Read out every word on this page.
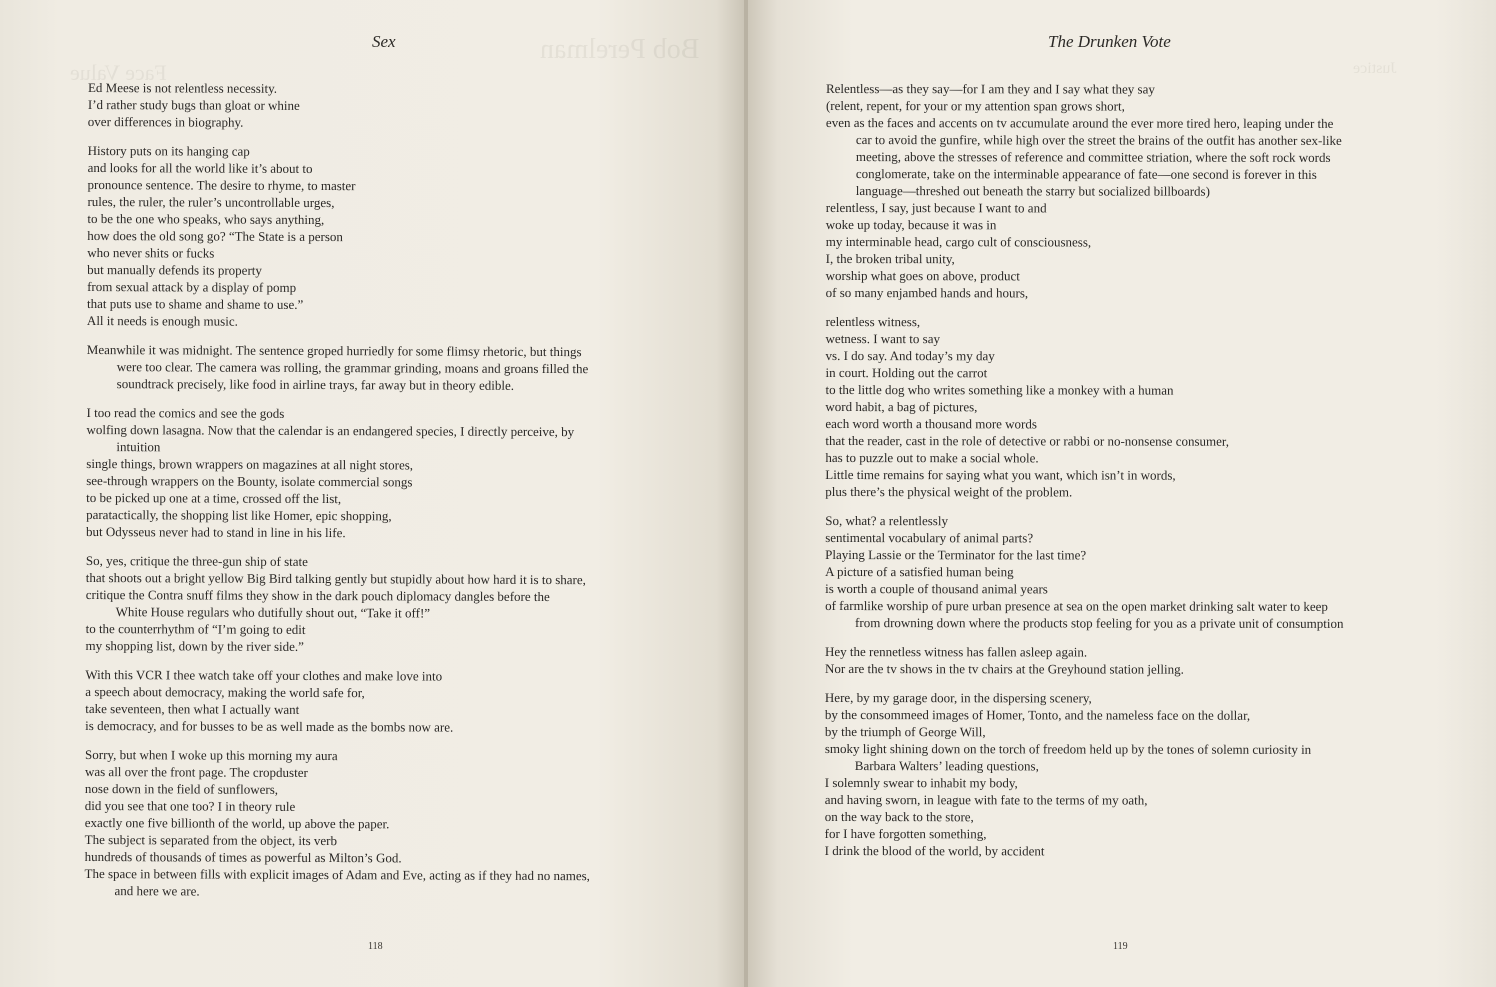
Bob Perelman
Face Value
Sex
Ed Meese is not relentless necessity.
I’d rather study bugs than gloat or whine
over differences in biography.
History puts on its hanging cap
and looks for all the world like it’s about to
pronounce sentence. The desire to rhyme, to master
rules, the ruler, the ruler’s uncontrollable urges,
to be the one who speaks, who says anything,
how does the old song go? “The State is a person
who never shits or fucks
but manually defends its property
from sexual attack by a display of pomp
that puts use to shame and shame to use.”
All it needs is enough music.
Meanwhile it was midnight. The sentence groped hurriedly for some flimsy rhetoric, but things
were too clear. The camera was rolling, the grammar grinding, moans and groans filled the
soundtrack precisely, like food in airline trays, far away but in theory edible.
I too read the comics and see the gods
wolfing down lasagna. Now that the calendar is an endangered species, I directly perceive, by
intuition
single things, brown wrappers on magazines at all night stores,
see-through wrappers on the Bounty, isolate commercial songs
to be picked up one at a time, crossed off the list,
paratactically, the shopping list like Homer, epic shopping,
but Odysseus never had to stand in line in his life.
So, yes, critique the three-gun ship of state
that shoots out a bright yellow Big Bird talking gently but stupidly about how hard it is to share,
critique the Contra snuff films they show in the dark pouch diplomacy dangles before the
White House regulars who dutifully shout out, “Take it off!”
to the counterrhythm of “I’m going to edit
my shopping list, down by the river side.”
With this VCR I thee watch take off your clothes and make love into
a speech about democracy, making the world safe for,
take seventeen, then what I actually want
is democracy, and for busses to be as well made as the bombs now are.
Sorry, but when I woke up this morning my aura
was all over the front page. The cropduster
nose down in the field of sunflowers,
did you see that one too? I in theory rule
exactly one five billionth of the world, up above the paper.
The subject is separated from the object, its verb
hundreds of thousands of times as powerful as Milton’s God.
The space in between fills with explicit images of Adam and Eve, acting as if they had no names,
and here we are.
118
Justice
The Drunken Vote
Relentless—as they say—for I am they and I say what they say
(relent, repent, for your or my attention span grows short,
even as the faces and accents on tv accumulate around the ever more tired hero, leaping under the
car to avoid the gunfire, while high over the street the brains of the outfit has another sex-like
meeting, above the stresses of reference and committee striation, where the soft rock words
conglomerate, take on the interminable appearance of fate—one second is forever in this
language—threshed out beneath the starry but socialized billboards)
relentless, I say, just because I want to and
woke up today, because it was in
my interminable head, cargo cult of consciousness,
I, the broken tribal unity,
worship what goes on above, product
of so many enjambed hands and hours,
relentless witness,
wetness. I want to say
vs. I do say. And today’s my day
in court. Holding out the carrot
to the little dog who writes something like a monkey with a human
word habit, a bag of pictures,
each word worth a thousand more words
that the reader, cast in the role of detective or rabbi or no-nonsense consumer,
has to puzzle out to make a social whole.
Little time remains for saying what you want, which isn’t in words,
plus there’s the physical weight of the problem.
So, what? a relentlessly
sentimental vocabulary of animal parts?
Playing Lassie or the Terminator for the last time?
A picture of a satisfied human being
is worth a couple of thousand animal years
of farmlike worship of pure urban presence at sea on the open market drinking salt water to keep
from drowning down where the products stop feeling for you as a private unit of consumption
Hey the rennetless witness has fallen asleep again.
Nor are the tv shows in the tv chairs at the Greyhound station jelling.
Here, by my garage door, in the dispersing scenery,
by the consommeed images of Homer, Tonto, and the nameless face on the dollar,
by the triumph of George Will,
smoky light shining down on the torch of freedom held up by the tones of solemn curiosity in
Barbara Walters’ leading questions,
I solemnly swear to inhabit my body,
and having sworn, in league with fate to the terms of my oath,
on the way back to the store,
for I have forgotten something,
I drink the blood of the world, by accident
119
